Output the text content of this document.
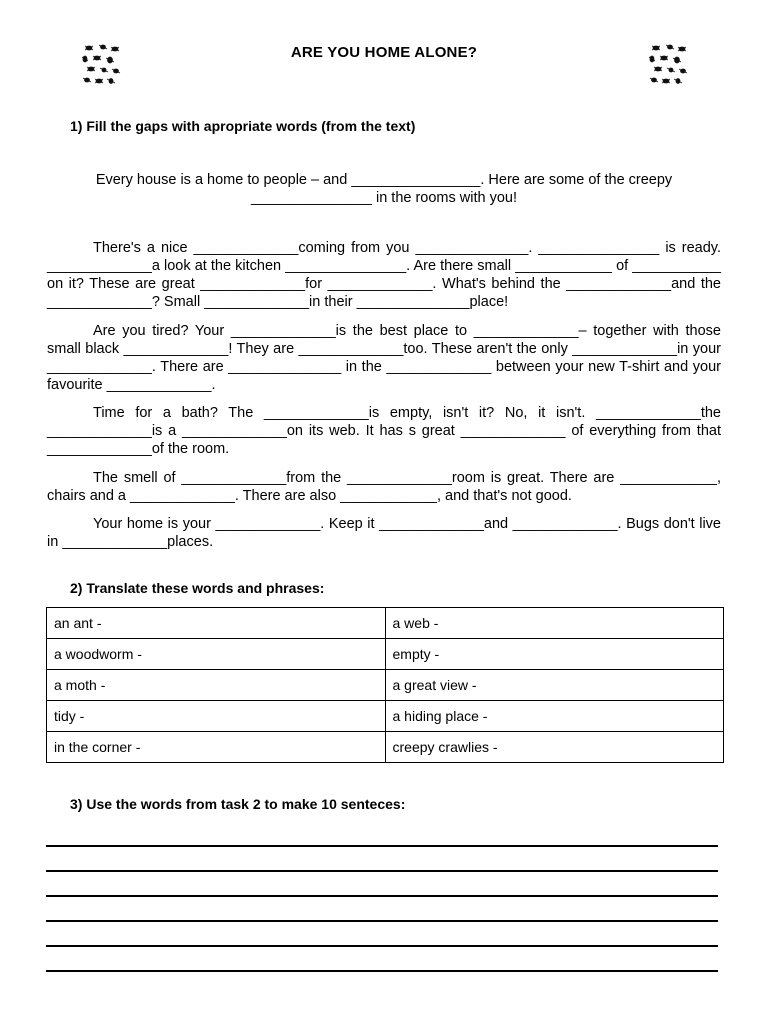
ARE YOU HOME ALONE?
1) Fill the gaps with apropriate words (from the text)
Every house is a home to people – and ________________. Here are some of the creepy _______________ in the rooms with you!

There's a nice _____________coming from you ______________. _______________ is ready. _____________a look at the kitchen _______________. Are there small ____________ of ___________ on it? These are great _____________for _____________. What's behind the _____________and the _____________? Small _____________in their ______________place!

Are you tired? Your _____________is the best place to _____________– together with those small black _____________! They are _____________too. These aren't the only _____________in your _____________. There are ______________ in the _____________ between your new T-shirt and your favourite _____________.

Time for a bath? The _____________is empty, isn't it? No, it isn't. _____________the _____________is a _____________on its web. It has s great _____________ of everything from that _____________of the room.

The smell of _____________from the _____________room is great. There are ____________, chairs and a _____________. There are also ____________, and that's not good.

Your home is your _____________. Keep it _____________and _____________. Bugs don't live in _____________places.

2) Translate these words and phrases:
an ant -	a web -
a woodworm -	empty -
a moth -	a great view -
tidy -	a hiding place -
in the corner -	creepy crawlies -
3) Use the words from task 2 to make 10 senteces:
